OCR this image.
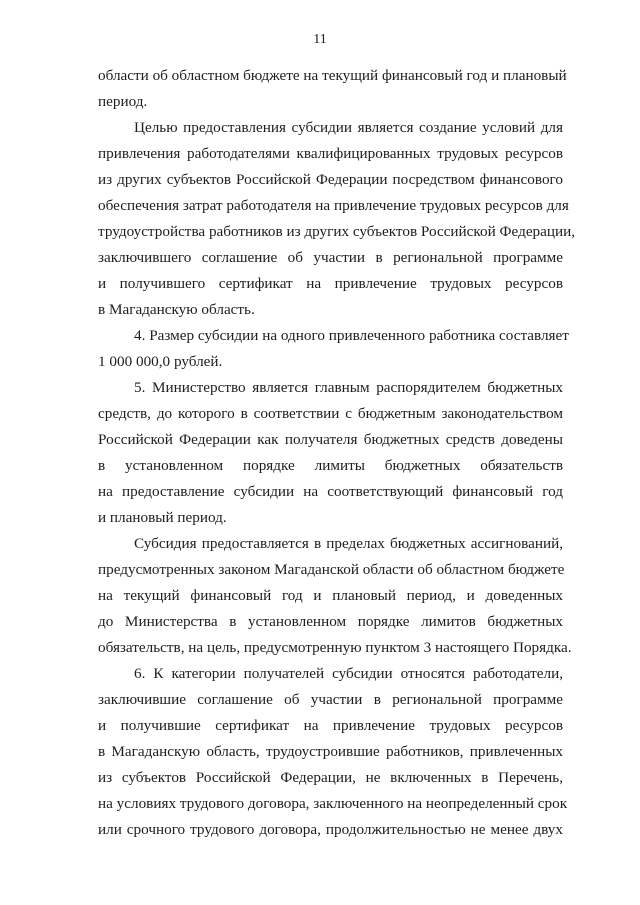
11
области об областном бюджете на текущий финансовый год и плановый
период.
Целью предоставления субсидии является создание условий для
привлечения работодателями квалифицированных трудовых ресурсов
из других субъектов Российской Федерации посредством финансового
обеспечения затрат работодателя на привлечение трудовых ресурсов для
трудоустройства работников из других субъектов Российской Федерации,
заключившего соглашение об участии в региональной программе
и получившего сертификат на привлечение трудовых ресурсов
в Магаданскую область.
4. Размер субсидии на одного привлеченного работника составляет
1 000 000,0 рублей.
5. Министерство является главным распорядителем бюджетных
средств, до которого в соответствии с бюджетным законодательством
Российской Федерации как получателя бюджетных средств доведены
в установленном порядке лимиты бюджетных обязательств
на предоставление субсидии на соответствующий финансовый год
и плановый период.
Субсидия предоставляется в пределах бюджетных ассигнований,
предусмотренных законом Магаданской области об областном бюджете
на текущий финансовый год и плановый период, и доведенных
до Министерства в установленном порядке лимитов бюджетных
обязательств, на цель, предусмотренную пунктом 3 настоящего Порядка.
6. К категории получателей субсидии относятся работодатели,
заключившие соглашение об участии в региональной программе
и получившие сертификат на привлечение трудовых ресурсов
в Магаданскую область, трудоустроившие работников, привлеченных
из субъектов Российской Федерации, не включенных в Перечень,
на условиях трудового договора, заключенного на неопределенный срок
или срочного трудового договора, продолжительностью не менее двух
